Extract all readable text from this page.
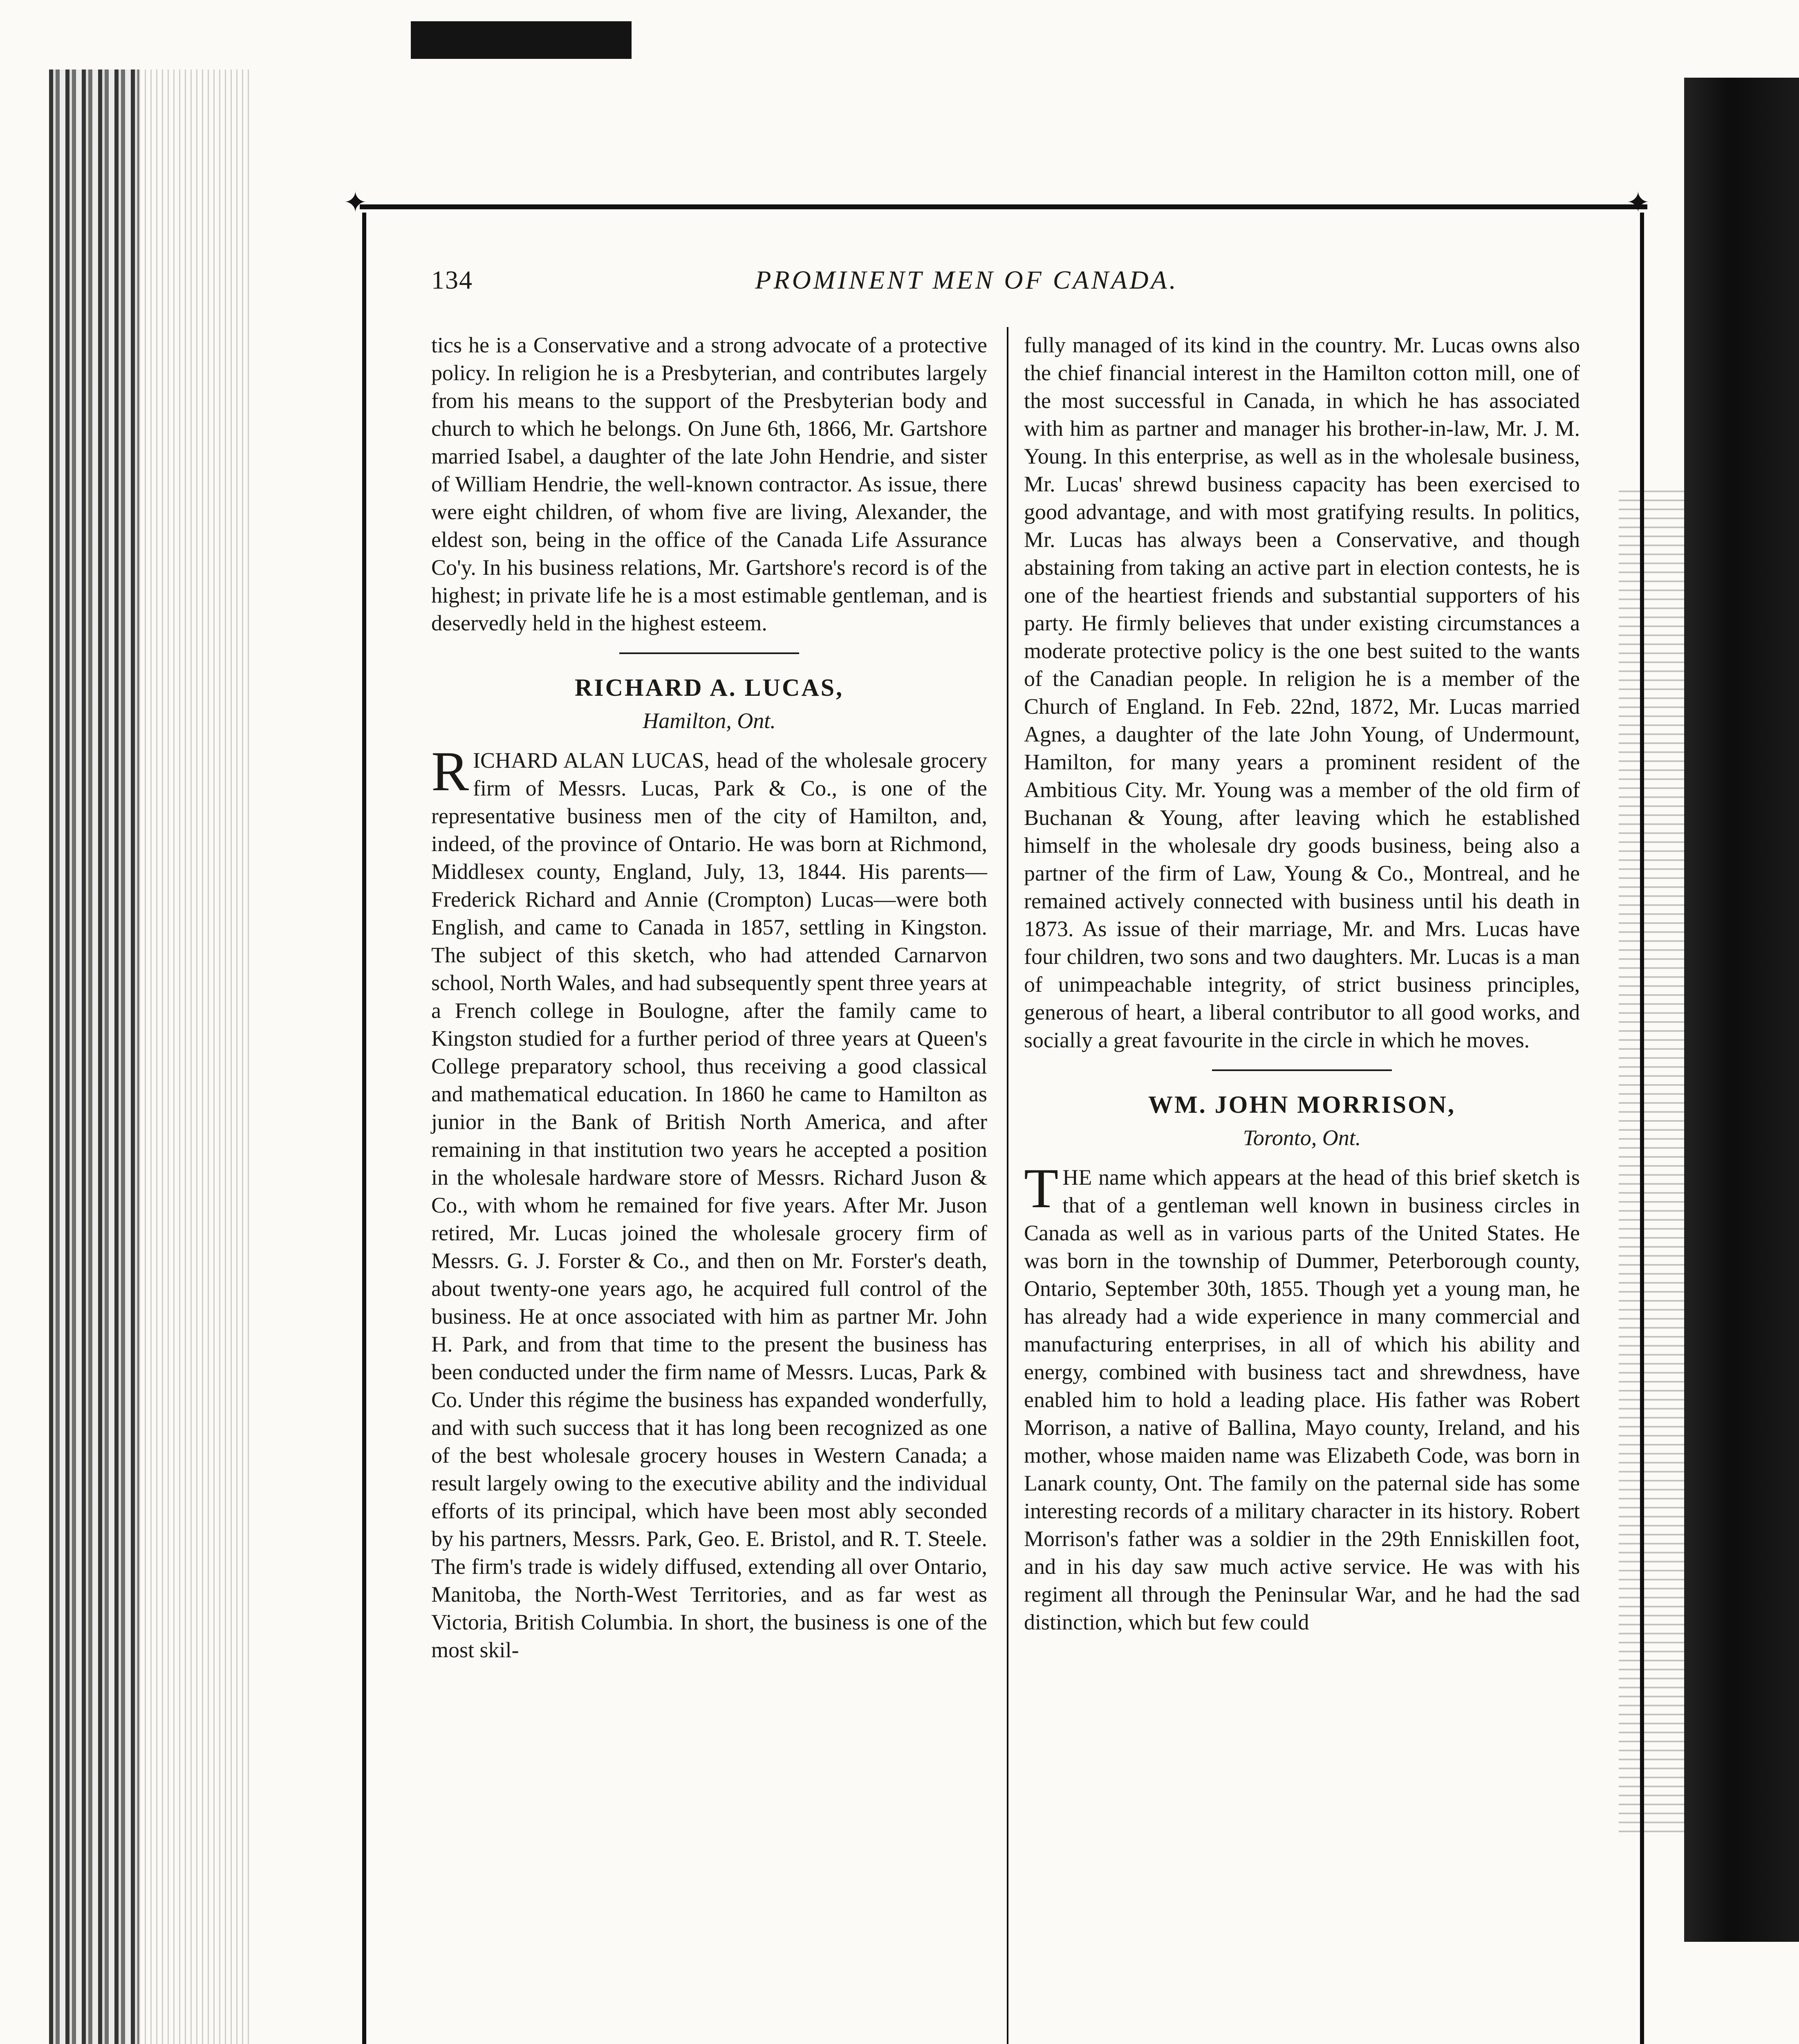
✦	✦
134	PROMINENT MEN OF CANADA.

tics he is a Conservative and a strong advocate of a protective policy. In religion he is a Presbyterian, and contributes largely from his means to the support of the Presbyterian body and church to which he belongs. On June 6th, 1866, Mr. Gartshore married Isabel, a daughter of the late John Hendrie, and sister of William Hendrie, the well-known contractor. As issue, there were eight children, of whom five are living, Alexander, the eldest son, being in the office of the Canada Life Assurance Co'y. In his business relations, Mr. Gartshore's record is of the highest; in private life he is a most estimable gentleman, and is deservedly held in the highest esteem.

RICHARD A. LUCAS,
Hamilton, Ont.

RICHARD ALAN LUCAS, head of the wholesale grocery firm of Messrs. Lucas, Park & Co., is one of the representative business men of the city of Hamilton, and, indeed, of the province of Ontario. He was born at Richmond, Middlesex county, England, July, 13, 1844. His parents—Frederick Richard and Annie (Crompton) Lucas—were both English, and came to Canada in 1857, settling in Kingston. The subject of this sketch, who had attended Carnarvon school, North Wales, and had subsequently spent three years at a French college in Boulogne, after the family came to Kingston studied for a further period of three years at Queen's College preparatory school, thus receiving a good classical and mathematical education. In 1860 he came to Hamilton as junior in the Bank of British North America, and after remaining in that institution two years he accepted a position in the wholesale hardware store of Messrs. Richard Juson & Co., with whom he remained for five years. After Mr. Juson retired, Mr. Lucas joined the wholesale grocery firm of Messrs. G. J. Forster & Co., and then on Mr. Forster's death, about twenty-one years ago, he acquired full control of the business. He at once associated with him as partner Mr. John H. Park, and from that time to the present the business has been conducted under the firm name of Messrs. Lucas, Park & Co. Under this régime the business has expanded wonderfully, and with such success that it has long been recognized as one of the best wholesale grocery houses in Western Canada; a result largely owing to the executive ability and the individual efforts of its principal, which have been most ably seconded by his partners, Messrs. Park, Geo. E. Bristol, and R. T. Steele. The firm's trade is widely diffused, extending all over Ontario, Manitoba, the North-West Territories, and as far west as Victoria, British Columbia. In short, the business is one of the most skil-

fully managed of its kind in the country. Mr. Lucas owns also the chief financial interest in the Hamilton cotton mill, one of the most successful in Canada, in which he has associated with him as partner and manager his brother-in-law, Mr. J. M. Young. In this enterprise, as well as in the wholesale business, Mr. Lucas' shrewd business capacity has been exercised to good advantage, and with most gratifying results. In politics, Mr. Lucas has always been a Conservative, and though abstaining from taking an active part in election contests, he is one of the heartiest friends and substantial supporters of his party. He firmly believes that under existing circumstances a moderate protective policy is the one best suited to the wants of the Canadian people. In religion he is a member of the Church of England. In Feb. 22nd, 1872, Mr. Lucas married Agnes, a daughter of the late John Young, of Undermount, Hamilton, for many years a prominent resident of the Ambitious City. Mr. Young was a member of the old firm of Buchanan & Young, after leaving which he established himself in the wholesale dry goods business, being also a partner of the firm of Law, Young & Co., Montreal, and he remained actively connected with business until his death in 1873. As issue of their marriage, Mr. and Mrs. Lucas have four children, two sons and two daughters. Mr. Lucas is a man of unimpeachable integrity, of strict business principles, generous of heart, a liberal contributor to all good works, and socially a great favourite in the circle in which he moves.

WM. JOHN MORRISON,
Toronto, Ont.

THE name which appears at the head of this brief sketch is that of a gentleman well known in business circles in Canada as well as in various parts of the United States. He was born in the township of Dummer, Peterborough county, Ontario, September 30th, 1855. Though yet a young man, he has already had a wide experience in many commercial and manufacturing enterprises, in all of which his ability and energy, combined with business tact and shrewdness, have enabled him to hold a leading place. His father was Robert Morrison, a native of Ballina, Mayo county, Ireland, and his mother, whose maiden name was Elizabeth Code, was born in Lanark county, Ont. The family on the paternal side has some interesting records of a military character in its history. Robert Morrison's father was a soldier in the 29th Enniskillen foot, and in his day saw much active service. He was with his regiment all through the Peninsular War, and he had the sad distinction, which but few could
